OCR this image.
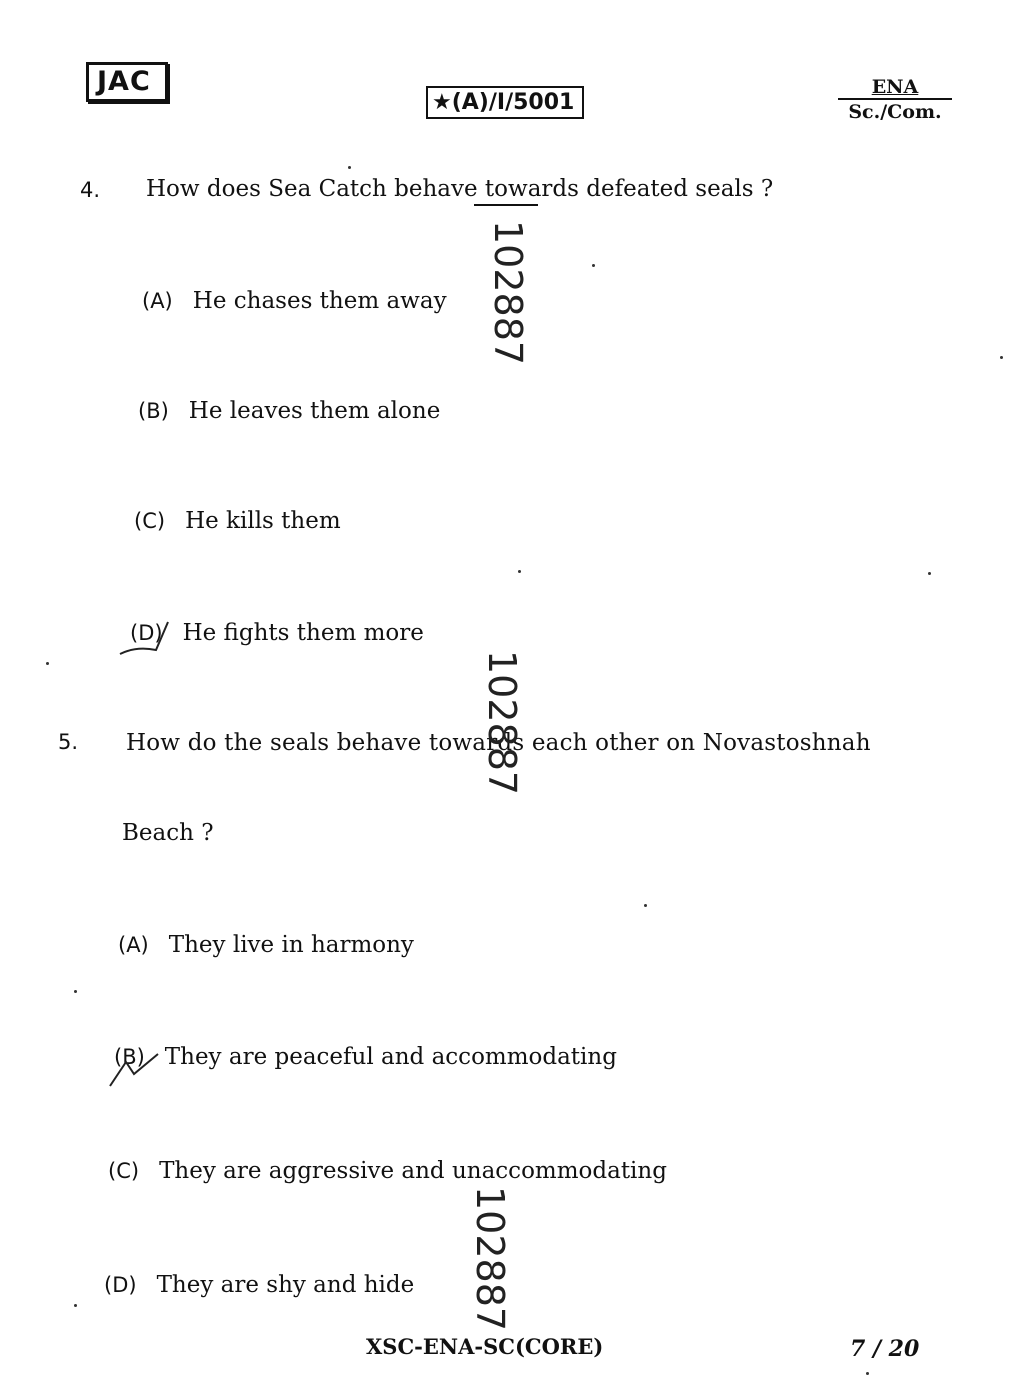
JAC
★(A)/I/5001
ENA
Sc./Com.
4. How does Sea Catch behave towards defeated seals ?
(A) He chases them away
(B) He leaves them alone
(C) He kills them
(D) He fights them more
5. How do the seals behave towards each other on Novastoshnah
Beach ?
(A) They live in harmony
(B) They are peaceful and accommodating
(C) They are aggressive and unaccommodating
(D) They are shy and hide
102887
102887
102887
XSC-ENA-SC(CORE)	7 / 20
